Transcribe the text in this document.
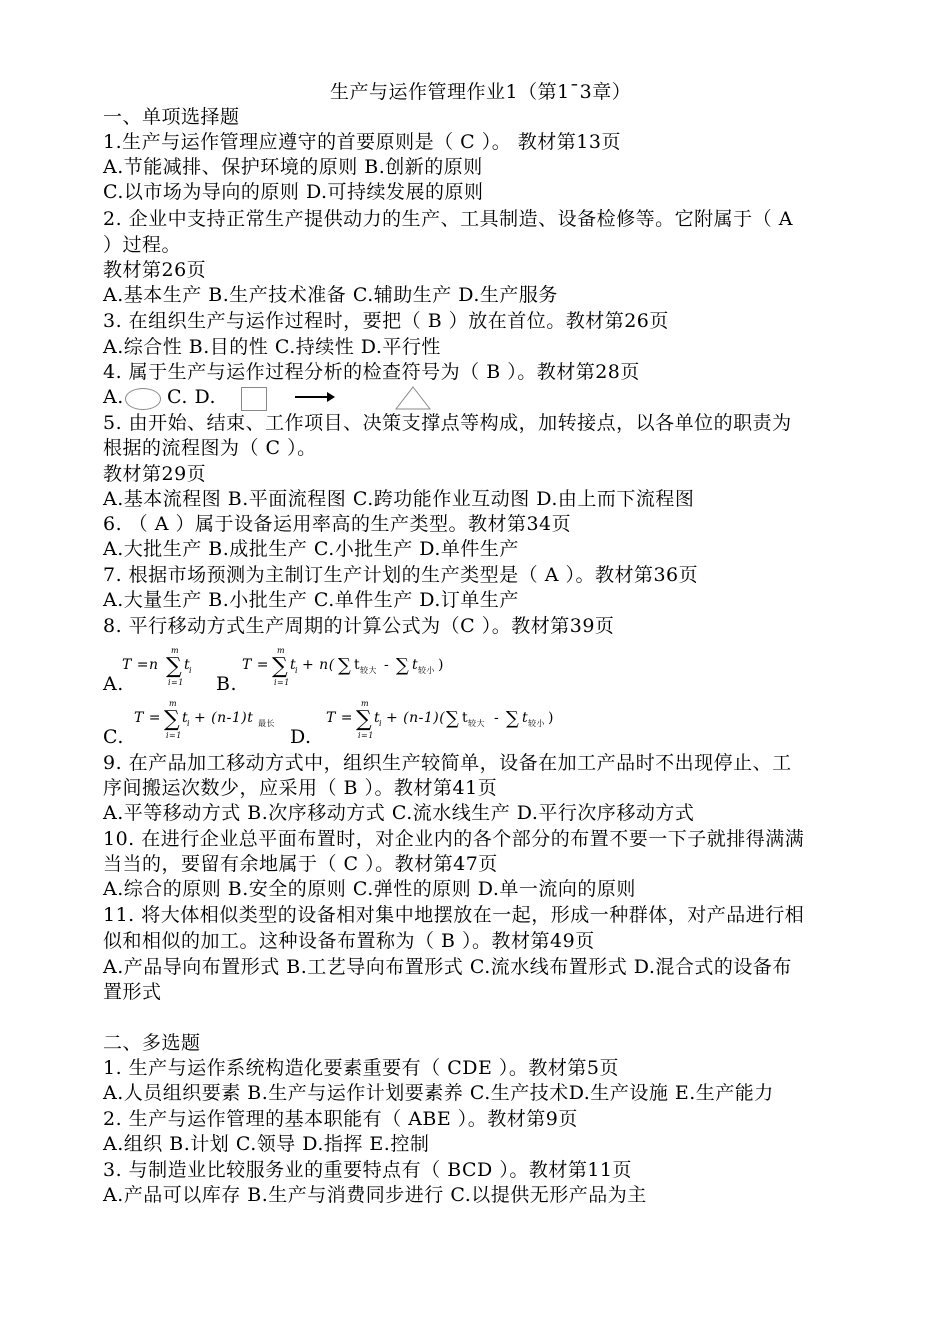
生产与运作管理作业1（第1¯3章）
一、单项选择题
1.生产与运作管理应遵守的首要原则是（ C ）。 教材第13页
A.节能减排、保护环境的原则 B.创新的原则
C.以市场为导向的原则 D.可持续发展的原则
2. 企业中支持正常生产提供动力的生产、工具制造、设备检修等。它附属于（ A
）过程。
教材第26页
A.基本生产 B.生产技术准备 C.辅助生产 D.生产服务
3. 在组织生产与运作过程时，要把（ B ）放在首位。教材第26页
A.综合性 B.目的性 C.持续性 D.平行性
4. 属于生产与运作过程分析的检查符号为（ B ）。教材第28页
A. C. D.
5. 由开始、结束、工作项目、决策支撑点等构成，加转接点，以各单位的职责为
根据的流程图为（ C ）。
教材第29页
A.基本流程图 B.平面流程图 C.跨功能作业互动图 D.由上而下流程图
6. （ A ）属于设备运用率高的生产类型。教材第34页
A.大批生产 B.成批生产 C.小批生产 D.单件生产
7. 根据市场预测为主制订生产计划的生产类型是（ A ）。教材第36页
A.大量生产 B.小批生产 C.单件生产 D.订单生产
8. 平行移动方式生产周期的计算公式为（C ）。教材第39页
A.
T =n ∑
m
i=1
t
i
B.
T = ∑
m
i=1
t
i + n( ∑ t 较大 - ∑ t 较小 )
C.
T = ∑
m
i=1
t
i + (n-1)t 最长
D.
T = ∑
m
i=1
t
i + (n-1)( ∑ t 较大 - ∑ t 较小 )
9. 在产品加工移动方式中，组织生产较简单，设备在加工产品时不出现停止、工
序间搬运次数少，应采用（ B ）。教材第41页
A.平等移动方式 B.次序移动方式 C.流水线生产 D.平行次序移动方式
10. 在进行企业总平面布置时，对企业内的各个部分的布置不要一下子就排得满满
当当的，要留有余地属于（ C ）。教材第47页
A.综合的原则 B.安全的原则 C.弹性的原则 D.单一流向的原则
11. 将大体相似类型的设备相对集中地摆放在一起，形成一种群体，对产品进行相
似和相似的加工。这种设备布置称为（ B ）。教材第49页
A.产品导向布置形式 B.工艺导向布置形式 C.流水线布置形式 D.混合式的设备布
置形式
二、多选题
1. 生产与运作系统构造化要素重要有（ CDE ）。教材第5页
A.人员组织要素 B.生产与运作计划要素养 C.生产技术D.生产设施 E.生产能力
2. 生产与运作管理的基本职能有（ ABE ）。教材第9页
A.组织 B.计划 C.领导 D.指挥 E.控制
3. 与制造业比较服务业的重要特点有（ BCD ）。教材第11页
A.产品可以库存 B.生产与消费同步进行 C.以提供无形产品为主
